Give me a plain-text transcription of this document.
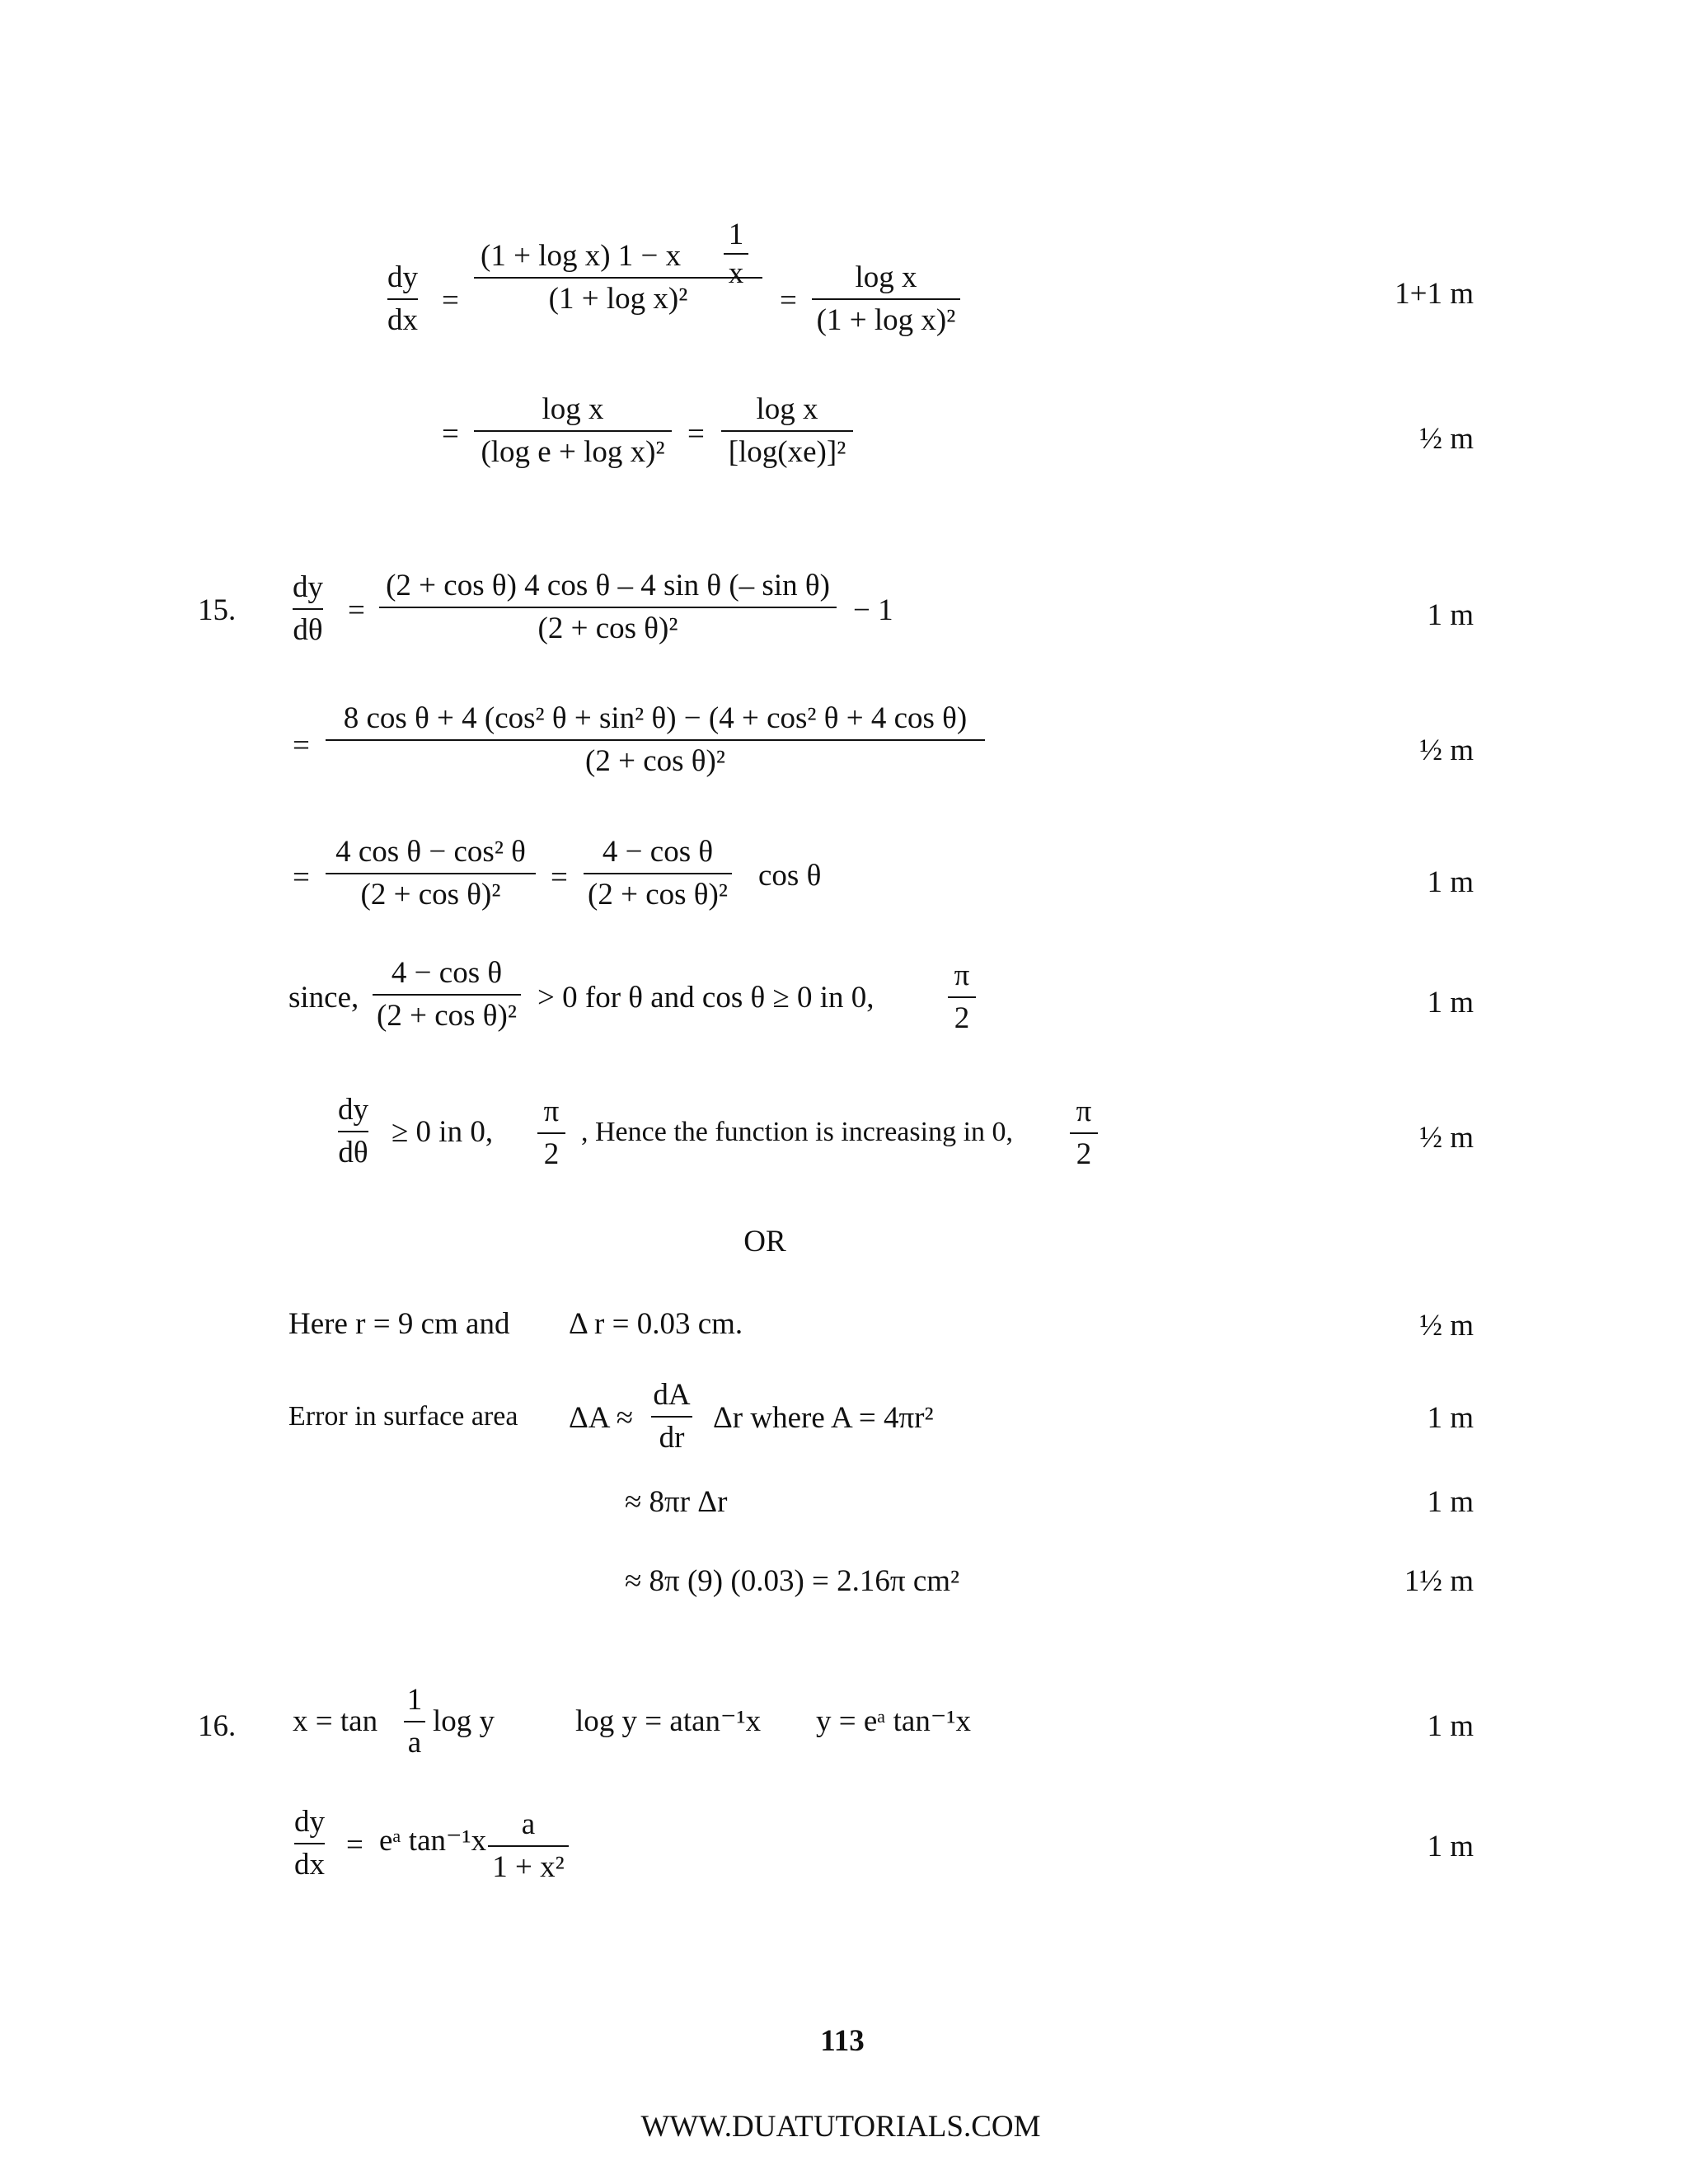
dy
dx
=
(1 + log x) 1 − x
(1 + log x)²
1
x
=
log x
(1 + log x)²
1+1 m
=
log x
(log e + log x)²
=
log x
[log(xe)]²	½ m
15.
dy
dθ
=
(2 + cos θ) 4 cos θ – 4 sin θ (– sin θ)
(2 + cos θ)²
− 1	1 m
=
8 cos θ + 4 (cos² θ + sin² θ) − (4 + cos² θ + 4 cos θ)
(2 + cos θ)²	½ m
=
4 cos θ − cos² θ
(2 + cos θ)²
=
4 − cos θ
(2 + cos θ)²
cos θ	1 m
since,
4 − cos θ
(2 + cos θ)²
> 0 for θ and cos θ ≥ 0 in 0,
π
2	1 m
dy
dθ
≥ 0 in 0,
π
2
, Hence the function is increasing in 0,
π
2	½ m
OR
Here r = 9 cm and Δ r = 0.03 cm.	½ m
Error in surface area ΔA ≈
dA
dr
Δr where A = 4πr²	1 m
≈ 8πr Δr	1 m
≈ 8π (9) (0.03) = 2.16π cm²	1½ m
16. x = tan
1
a
log y	log y = atan⁻¹x y = eᵃ tan⁻¹x	1 m
dy
dx
= eᵃ tan⁻¹x a
1 + x²
1 m
113
WWW.DUATUTORIALS.COM
